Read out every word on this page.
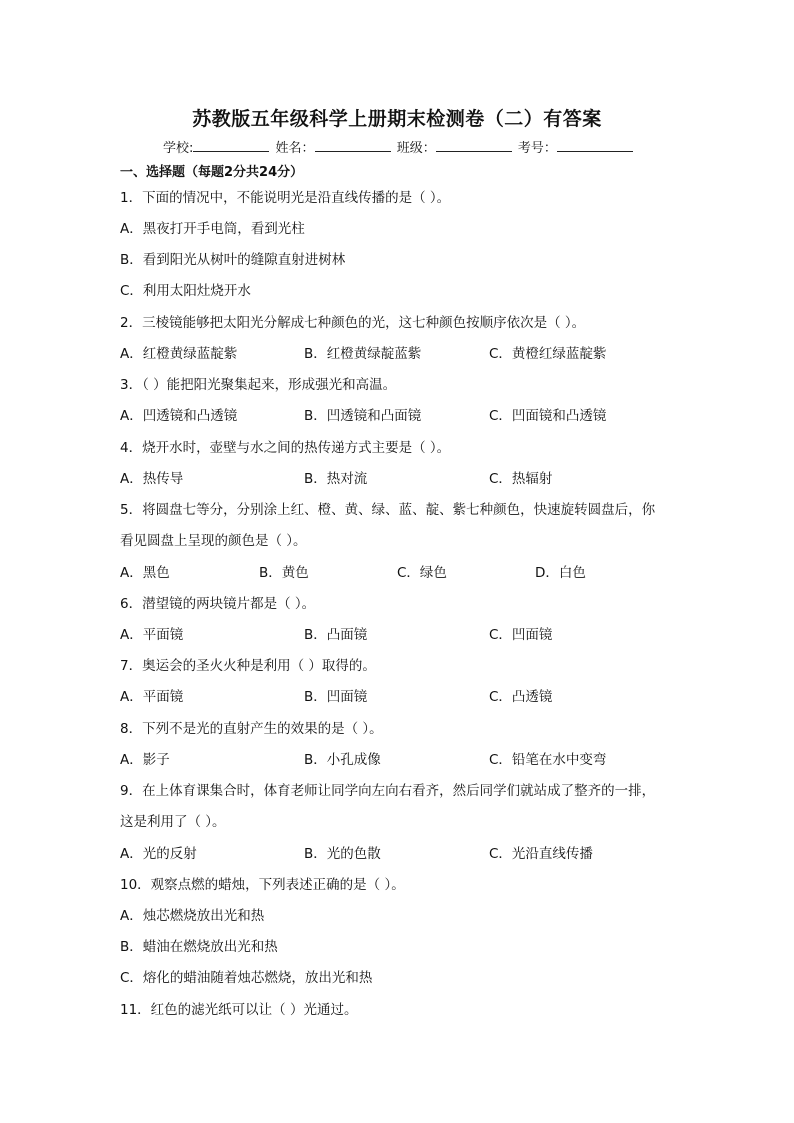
苏教版五年级科学上册期末检测卷（二）有答案
学校:	姓名：	班级：	考号：
一、选择题（每题2分共24分）
1．下面的情况中，不能说明光是沿直线传播的是（ ）。
A．黑夜打开手电筒，看到光柱
B．看到阳光从树叶的缝隙直射进树林
C．利用太阳灶烧开水
2．三棱镜能够把太阳光分解成七种颜色的光，这七种颜色按顺序依次是（ ）。
A．红橙黄绿蓝靛紫	B．红橙黄绿靛蓝紫	C．黄橙红绿蓝靛紫
3．（ ）能把阳光聚集起来，形成强光和高温。
A．凹透镜和凸透镜	B．凹透镜和凸面镜	C．凹面镜和凸透镜
4．烧开水时，壶壁与水之间的热传递方式主要是（ ）。
A．热传导	B．热对流	C．热辐射
5．将圆盘七等分，分别涂上红、橙、黄、绿、蓝、靛、紫七种颜色，快速旋转圆盘后，你
看见圆盘上呈现的颜色是（ ）。
A．黑色	B．黄色	C．绿色	D．白色
6．潜望镜的两块镜片都是（ ）。
A．平面镜	B．凸面镜	C．凹面镜
7．奥运会的圣火火种是利用（ ）取得的。
A．平面镜	B．凹面镜	C．凸透镜
8．下列不是光的直射产生的效果的是（ ）。
A．影子	B．小孔成像	C．铅笔在水中变弯
9．在上体育课集合时，体育老师让同学向左向右看齐，然后同学们就站成了整齐的一排，
这是利用了（ ）。
A．光的反射	B．光的色散	C．光沿直线传播
10．观察点燃的蜡烛，下列表述正确的是（ ）。
A．烛芯燃烧放出光和热
B．蜡油在燃烧放出光和热
C．熔化的蜡油随着烛芯燃烧，放出光和热
11．红色的滤光纸可以让（ ）光通过。
